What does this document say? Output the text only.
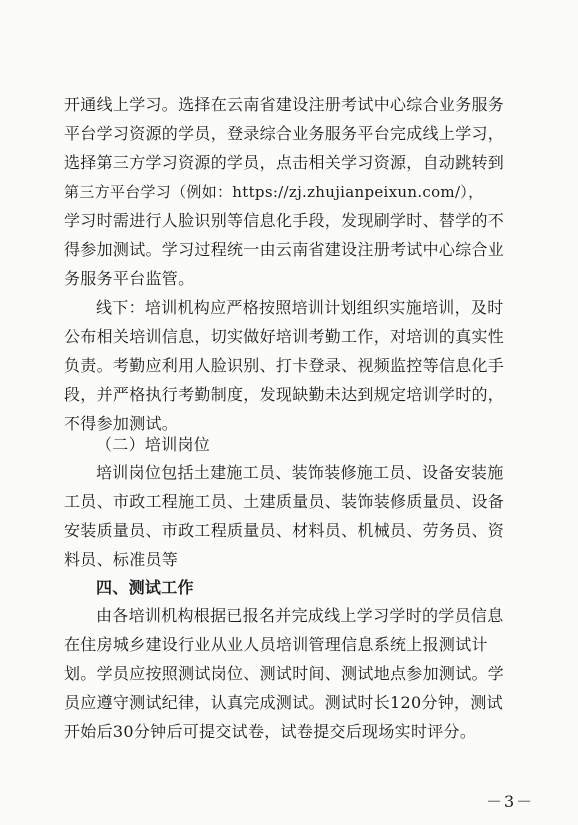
开通线上学习。选择在云南省建设注册考试中心综合业务服务
平台学习资源的学员，登录综合业务服务平台完成线上学习，
选择第三方学习资源的学员，点击相关学习资源，自动跳转到
第三方平台学习（例如：https://zj.zhujianpeixun.com/），
学习时需进行人脸识别等信息化手段，发现刷学时、替学的不
得参加测试。学习过程统一由云南省建设注册考试中心综合业
务服务平台监管。
线下：培训机构应严格按照培训计划组织实施培训，及时
公布相关培训信息，切实做好培训考勤工作，对培训的真实性
负责。考勤应利用人脸识别、打卡登录、视频监控等信息化手
段，并严格执行考勤制度，发现缺勤未达到规定培训学时的，
不得参加测试。
（二）培训岗位
培训岗位包括土建施工员、装饰装修施工员、设备安装施
工员、市政工程施工员、土建质量员、装饰装修质量员、设备
安装质量员、市政工程质量员、材料员、机械员、劳务员、资
料员、标准员等
四、测试工作
由各培训机构根据已报名并完成线上学习学时的学员信息
在住房城乡建设行业从业人员培训管理信息系统上报测试计
划。学员应按照测试岗位、测试时间、测试地点参加测试。学
员应遵守测试纪律，认真完成测试。测试时长120分钟，测试
开始后30分钟后可提交试卷，试卷提交后现场实时评分。
－3－
